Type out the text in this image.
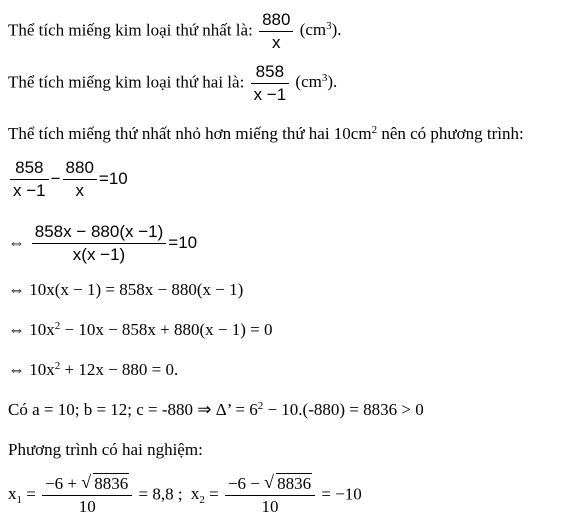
Thể tích miếng kim loại thứ nhất là: $\frac{880}{x} (cm^3)$.
Thể tích miếng kim loại thứ hai là: $\frac{858}{x -1} (cm^3)$.
Thể tích miếng thứ nhất nhỏ hơn miếng thứ hai $10cm^2$ nên có phương trình:
$\frac{858}{x -1} - \frac{880}{x} =10$
⇔ $\frac{858x - 880(x -1)}{x(x -1)} =10$
⇔ 10x(x − 1) = 858x − 880(x − 1)
⇔ $10x^2 - 10x - 858x + 880(x - 1) = 0$
⇔ $10x^2 + 12x - 880 = 0$.
Có a = 10; b = 12; c = -880 ⇒ Δ’ = $6^2 - 10.(-880) = 8836 > 0$
Phương trình có hai nghiệm:
$x_1 = \frac{-6 + √ 8836}{10} = 8,8$ ; $x_2 = \frac{-6 - √ 8836}{10} = -10$
